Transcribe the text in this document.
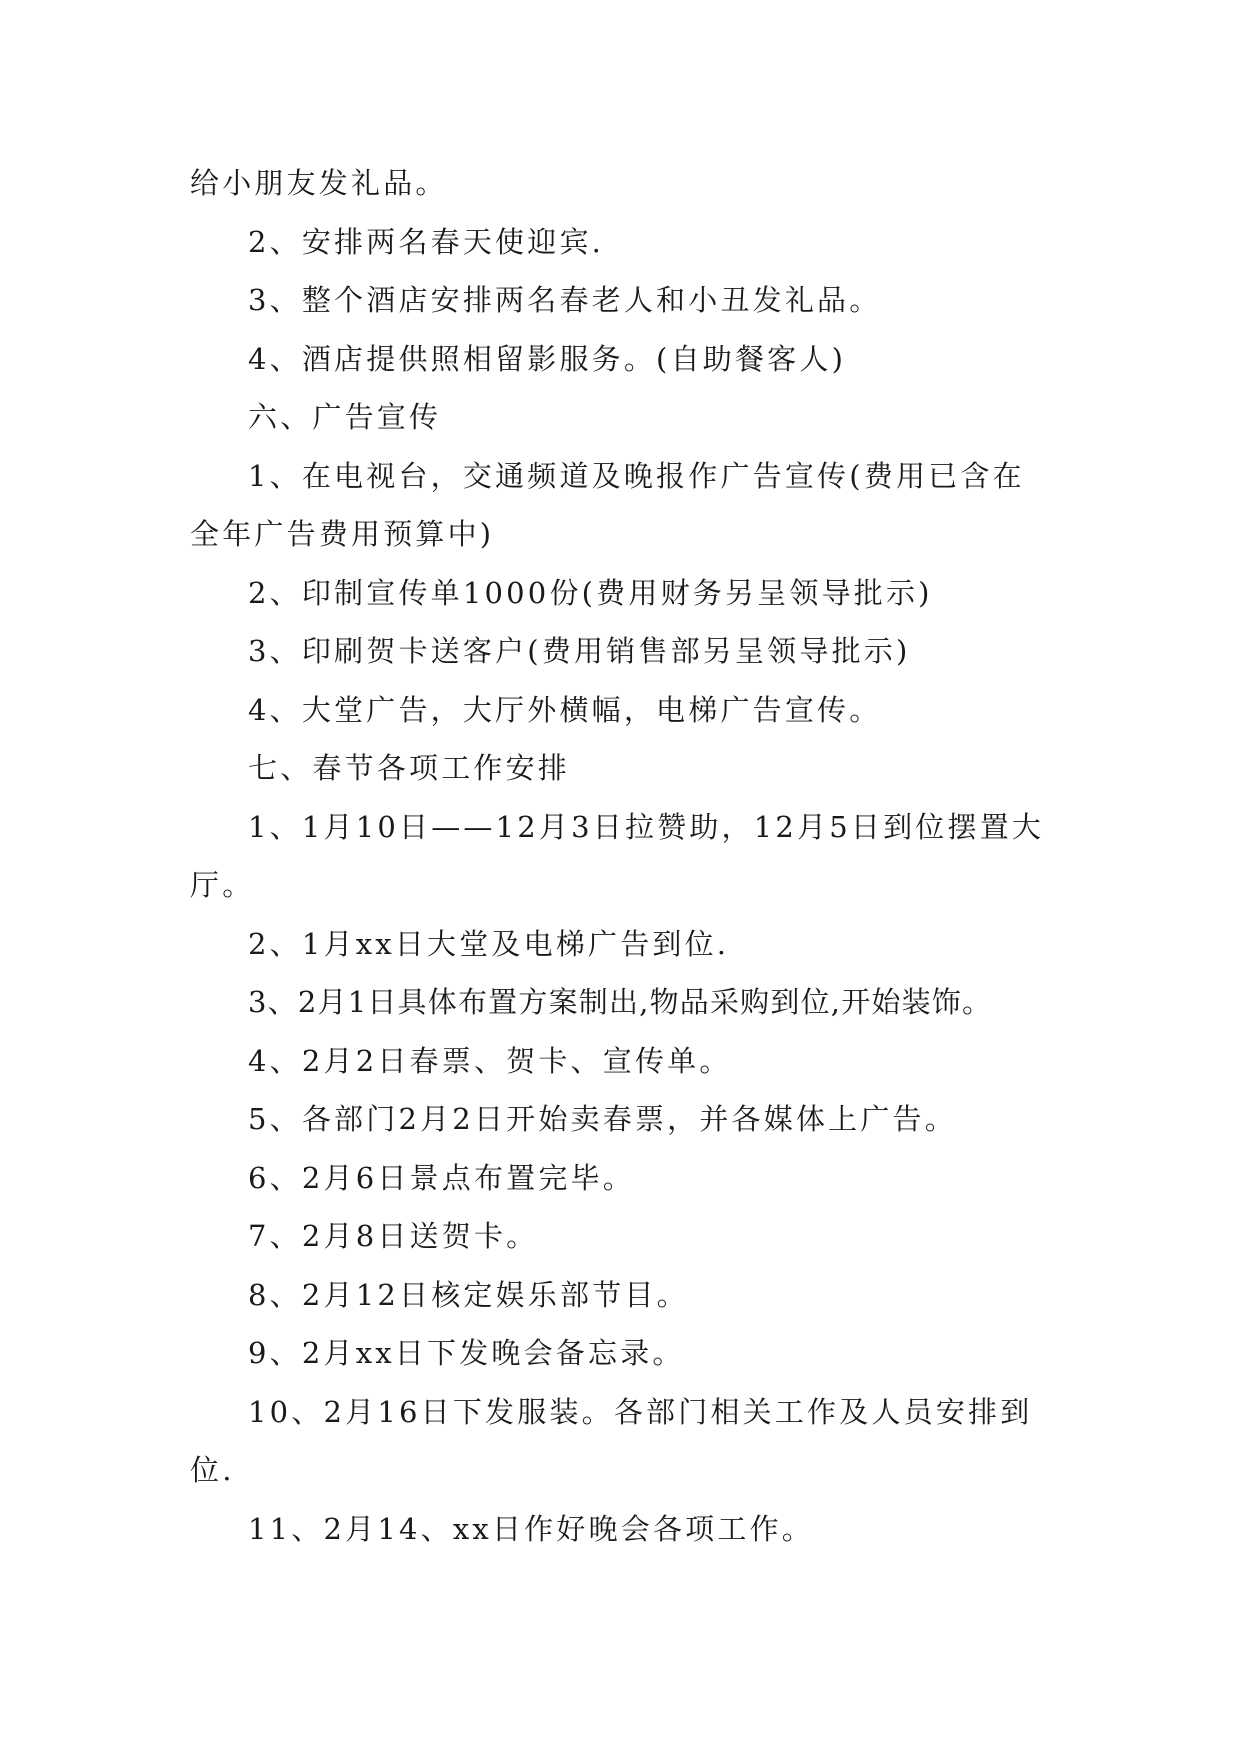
给小朋友发礼品。

2、安排两名春天使迎宾.

3、整个酒店安排两名春老人和小丑发礼品。

4、酒店提供照相留影服务。(自助餐客人)

六、广告宣传

1、在电视台，交通频道及晚报作广告宣传(费用已含在全年广告费用预算中)

2、印制宣传单1000份(费用财务另呈领导批示)

3、印刷贺卡送客户(费用销售部另呈领导批示)

4、大堂广告，大厅外横幅，电梯广告宣传。

七、春节各项工作安排

1、1月10日——12月3日拉赞助，12月5日到位摆置大厅。

2、1月xx日大堂及电梯广告到位.

3、2月1日具体布置方案制出,物品采购到位,开始装饰。

4、2月2日春票、贺卡、宣传单。

5、各部门2月2日开始卖春票，并各媒体上广告。

6、2月6日景点布置完毕。

7、2月8日送贺卡。

8、2月12日核定娱乐部节目。

9、2月xx日下发晚会备忘录。

10、2月16日下发服装。各部门相关工作及人员安排到位.

11、2月14、xx日作好晚会各项工作。
